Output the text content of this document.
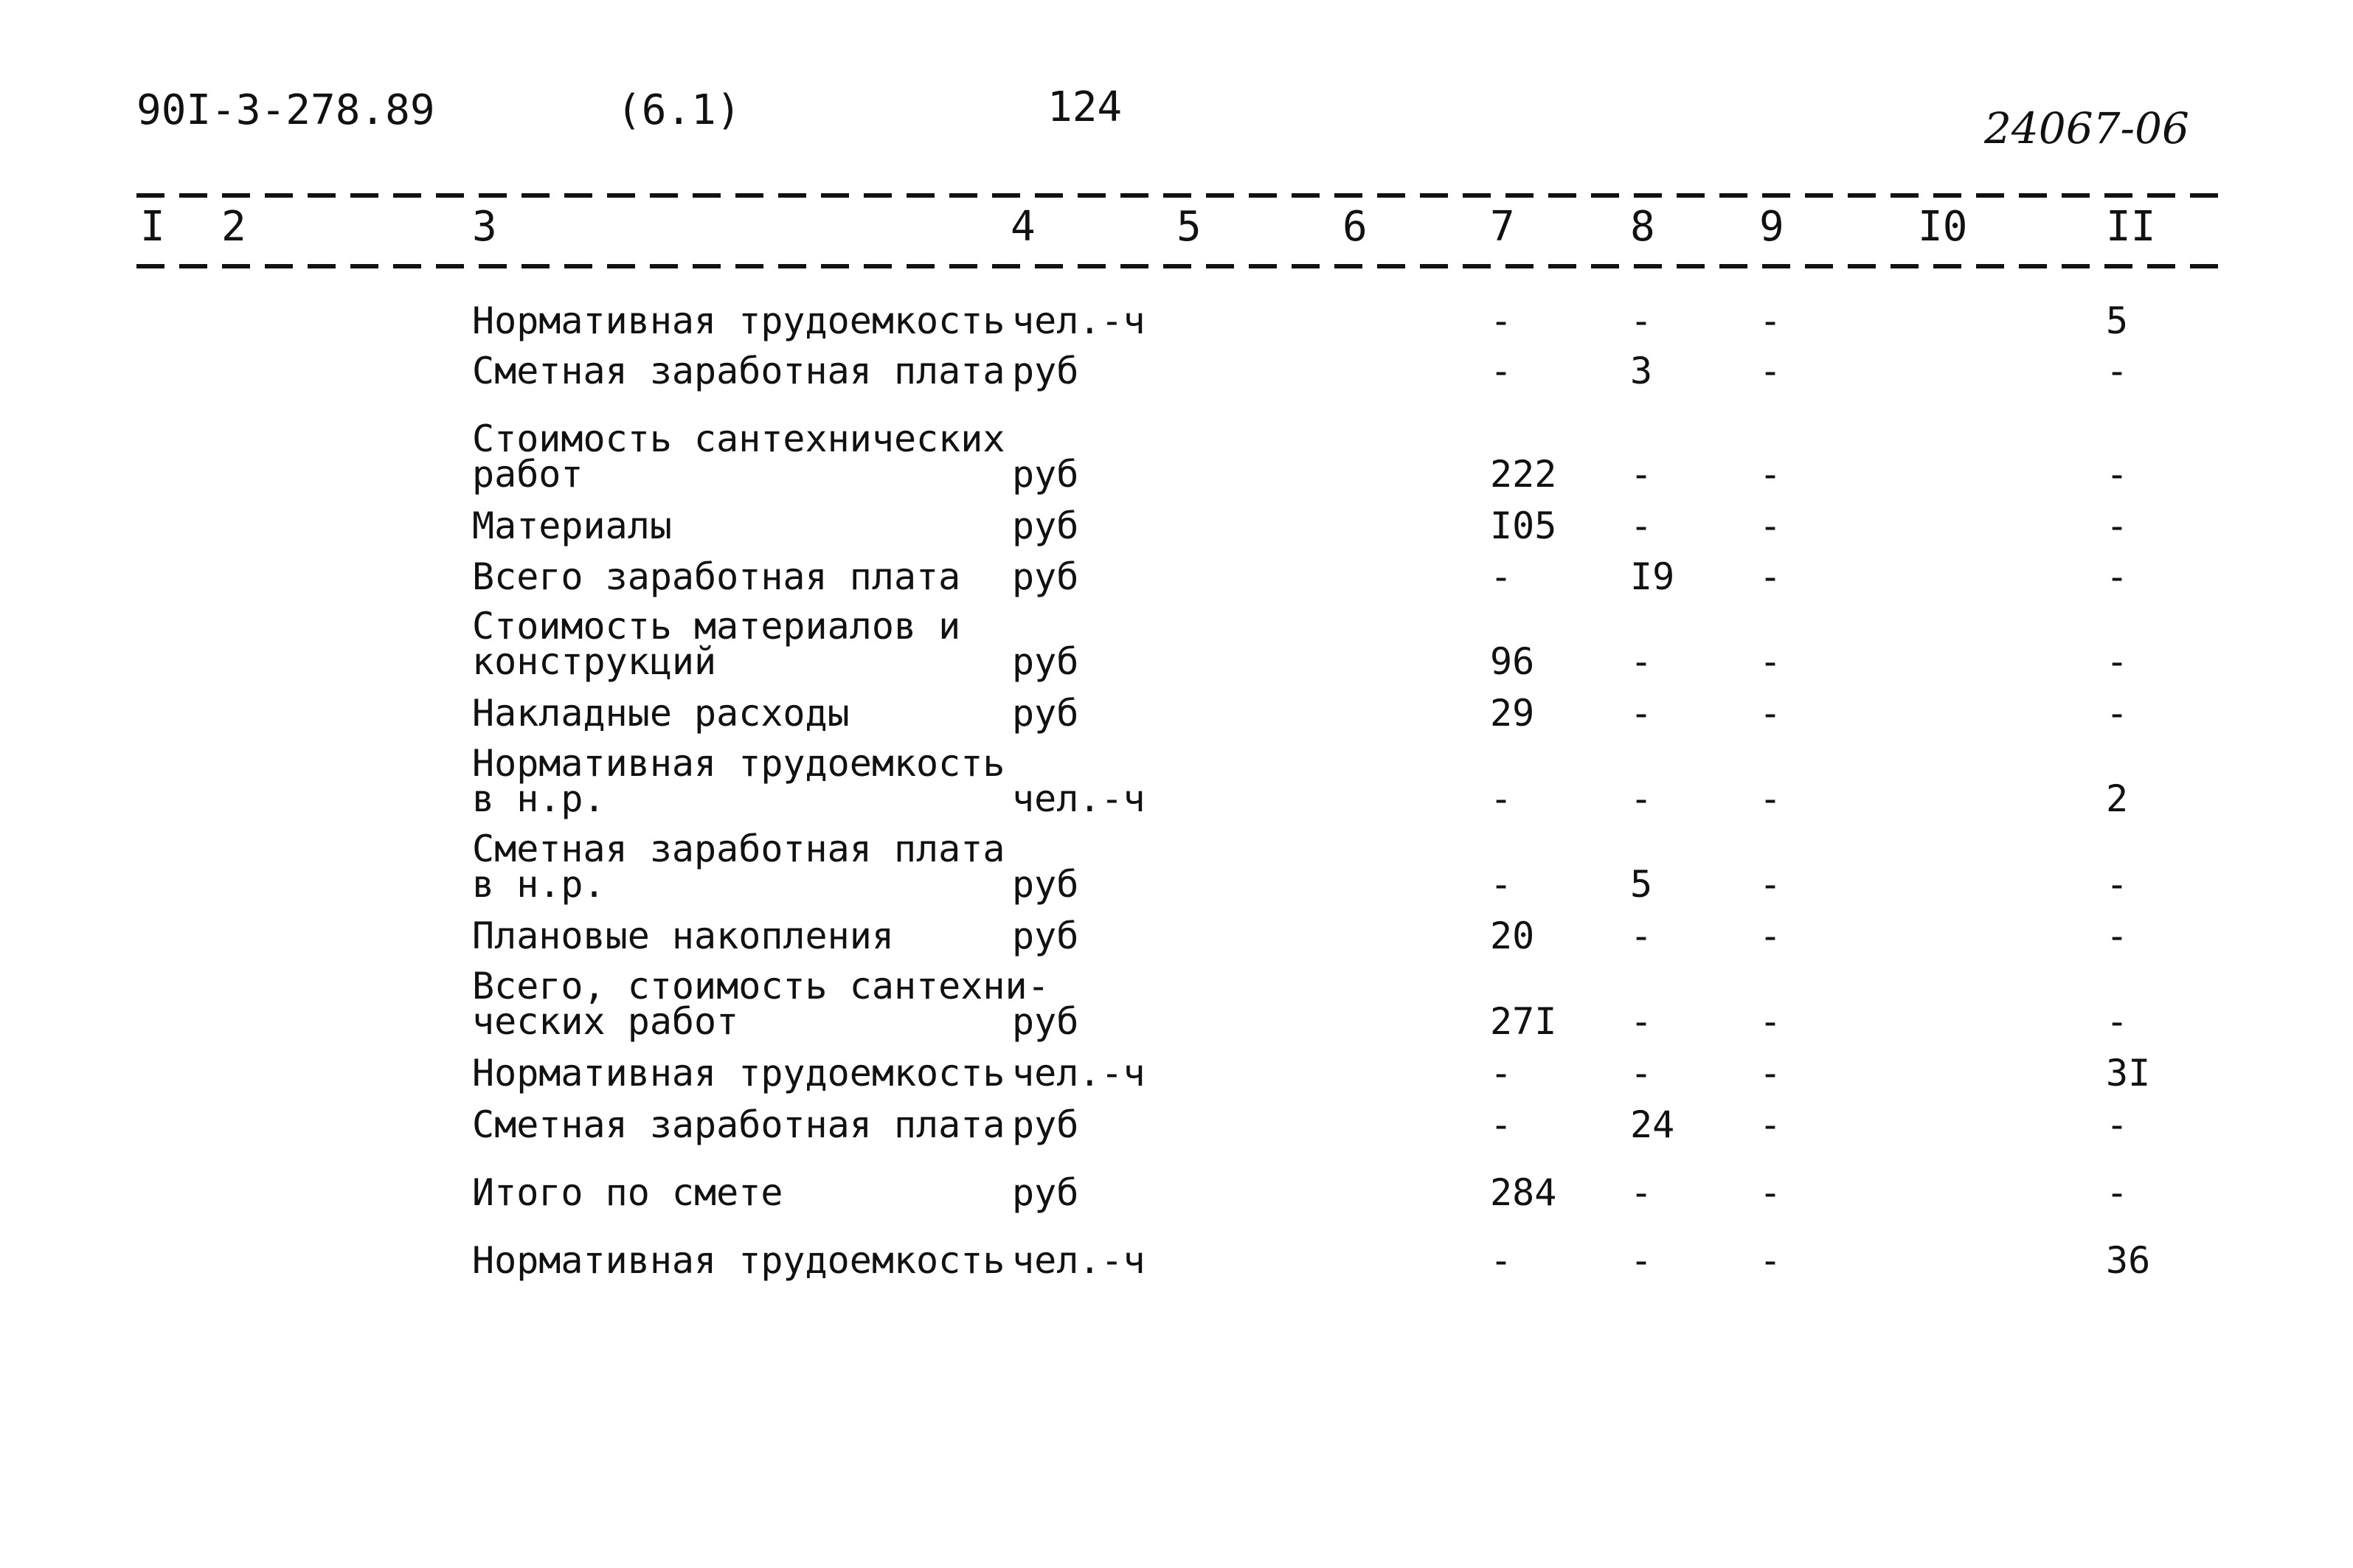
90I-3-278.89	(6.1)	124	24067-06
I 2	3	4	5	6	7	8	9	I0	II
Нормативная трудоемкость чел.-ч	-	-	-	5
Сметная заработная плата руб	-	3	-	-
Стоимость сантехнических
работ	руб	222 -	-	-
Материалы	руб	I05 -	-	-
Всего заработная плата руб	-	I9 -	-
Стоимость материалов и
конструкций	руб	96	-	-	-
Накладные расходы	руб	29	-	-	-
Нормативная трудоемкость
в н.р.	чел.-ч	-	-	-	2
Сметная заработная плата
в н.р.	руб	-	5	-	-
Плановые накопления	руб	20	-	-	-
Всего, стоимость сантехни-
ческих работ	руб	27I -	-	-
Нормативная трудоемкость чел.-ч	-	-	-	3I
Сметная заработная плата руб	-	24 -	-
Итого по смете	руб	284 -	-	-
Нормативная трудоемкость чел.-ч	-	-	-	36
